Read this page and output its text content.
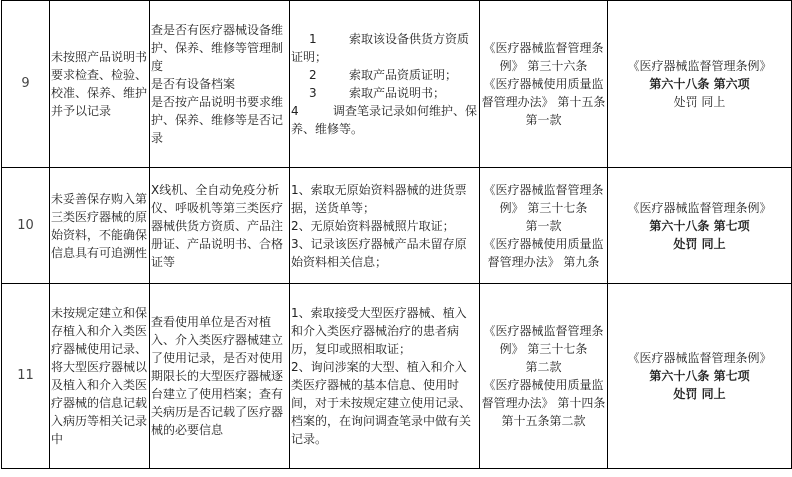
9	未按照产品说明书要求检查、检验、校准、保养、维护并予以记录	查是否有医疗器械设备维护、保养、维修等管理制度
是否有设备档案
是否按产品说明书要求维护、保养、维修等是否记录	1 索取该设备供货方资质证明；
2 索取产品资质证明；
3 索取产品说明书；
4 调查笔录记录如何维护、保养、维修等。	《医疗器械监督管理条例》 第三十六条
《医疗器械使用质量监督管理办法》 第十五条第一款	《医疗器械监督管理条例》
第六十八条 第六项
处罚 同上

10	未妥善保存购入第三类医疗器械的原始资料，不能确保信息具有可追溯性	X线机、全自动免疫分析仪、呼吸机等第三类医疗器械供货方资质、产品注册证、产品说明书、合格证等	1、索取无原始资料器械的进货票据，送货单等；
2、无原始资料器械照片取证；
3、记录该医疗器械产品未留存原始资料相关信息；	《医疗器械监督管理条例》 第三十七条
第一款
《医疗器械使用质量监督管理办法》 第九条	《医疗器械监督管理条例》
第六十八条 第七项
处罚 同上

11	未按规定建立和保存植入和介入类医疗器械使用记录、将大型医疗器械以及植入和介入类医疗器械的信息记载入病历等相关记录中	查看使用单位是否对植入、介入类医疗器械建立了使用记录，是否对使用期限长的大型医疗器械逐台建立了使用档案；查有关病历是否记载了医疗器械的必要信息	1、索取接受大型医疗器械、植入和介入类医疗器械治疗的患者病历，复印或照相取证；
2、询问涉案的大型、植入和介入类医疗器械的基本信息、使用时间，对于未按规定建立使用记录、档案的，在询问调查笔录中做有关记录。	《医疗器械监督管理条例》 第三十七条
第二款
《医疗器械使用质量监督管理办法》 第十四条
第十五条第二款	《医疗器械监督管理条例》
第六十八条 第七项
处罚 同上
